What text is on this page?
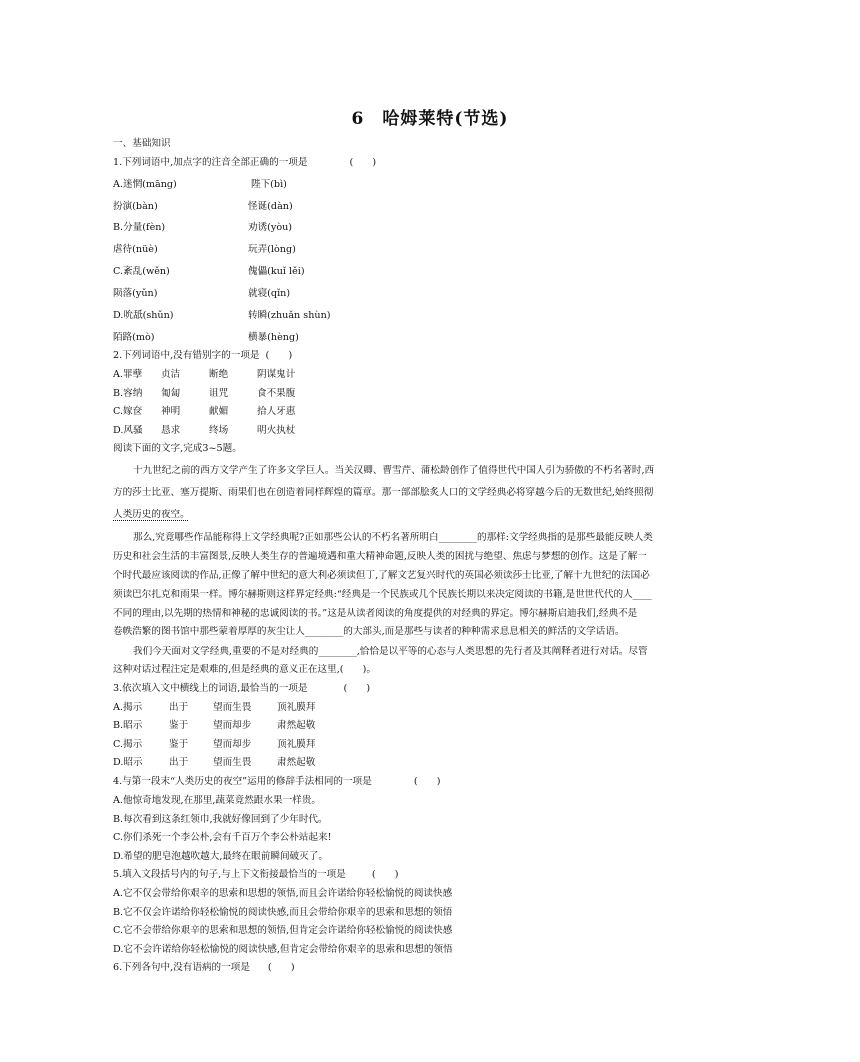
6 哈姆莱特(节选)
一、基础知识
1.下列词语中,加点字的注音全部正确的一项是	(　　)
A.迷惘(māng)	陛下(bì)
扮演(bàn)	怪诞(dàn)
B.分量(fèn)	劝诱(yòu)
虐待(nüè)	玩弄(lòng)
C.紊乱(wěn)	傀儡(kuǐ lěi)
陨落(yǔn)	就寝(qǐn)
D.吮舐(shǔn)	转瞬(zhuǎn shùn)
陌路(mò)	横暴(hèng)
2.下列词语中,没有错别字的一项是 (　　)
A.罪孽 贞洁	断绝	阴谋鬼计
B.容纳 匍匐	诅咒	食不果腹
C.嫁奁 神明	献媚	拾人牙惠
D.风骚 恳求	终场	明火执杖
阅读下面的文字,完成3~5题。
十九世纪之前的西方文学产生了许多文学巨人。当关汉卿、曹雪芹、蒲松龄创作了值得世代中国人引为骄傲的不朽名著时,西
方的莎士比亚、塞万提斯、雨果们也在创造着同样辉煌的篇章。那一部部脍炙人口的文学经典必将穿越今后的无数世纪,始终照彻
人类历史的夜空。
那么,究竟哪些作品能称得上文学经典呢?正如那些公认的不朽名著所明白________的那样:文学经典指的是那些最能反映人类
历史和社会生活的丰富图景,反映人类生存的普遍境遇和重大精神命题,反映人类的困扰与绝望、焦虑与梦想的创作。这是了解一
个时代最应该阅读的作品,正像了解中世纪的意大利必须读但丁,了解文艺复兴时代的英国必须读莎士比亚,了解十九世纪的法国必
须读巴尔扎克和雨果一样。博尔赫斯则这样界定经典:“经典是一个民族或几个民族长期以来决定阅读的书籍,是世世代代的人____
不同的理由,以先期的热情和神秘的忠诚阅读的书。”这是从读者阅读的角度提供的对经典的界定。博尔赫斯启迪我们,经典不是
卷帙浩繁的图书馆中那些蒙着厚厚的灰尘让人________的大部头,而是那些与读者的种种需求息息相关的鲜活的文学话语。
我们今天面对文学经典,重要的不是对经典的________,恰恰是以平等的心态与人类思想的先行者及其阐释者进行对话。尽管
这种对话过程注定是艰难的,但是经典的意义正在这里,(　　)。
3.依次填入文中横线上的词语,最恰当的一项是	(　　)
A.揭示	出于	望而生畏	顶礼膜拜
B.昭示	鉴于	望而却步	肃然起敬
C.揭示	鉴于	望而却步	顶礼膜拜
D.昭示	出于	望而生畏	肃然起敬
4.与第一段末“人类历史的夜空”运用的修辞手法相同的一项是	(　　)
A.他惊奇地发现,在那里,蔬菜竟然跟水果一样贵。
B.每次看到这条红领巾,我就好像回到了少年时代。
C.你们杀死一个李公朴,会有千百万个李公朴站起来!
D.希望的肥皂泡越吹越大,最终在眼前瞬间破灭了。
5.填入文段括号内的句子,与上下文衔接最恰当的一项是	(　　)
A.它不仅会带给你艰辛的思索和思想的领悟,而且会许诺给你轻松愉悦的阅读快感
B.它不仅会许诺给你轻松愉悦的阅读快感,而且会带给你艰辛的思索和思想的领悟
C.它不会带给你艰辛的思索和思想的领悟,但肯定会许诺给你轻松愉悦的阅读快感
D.它不会许诺给你轻松愉悦的阅读快感,但肯定会带给你艰辛的思索和思想的领悟
6.下列各句中,没有语病的一项是 (　　)
